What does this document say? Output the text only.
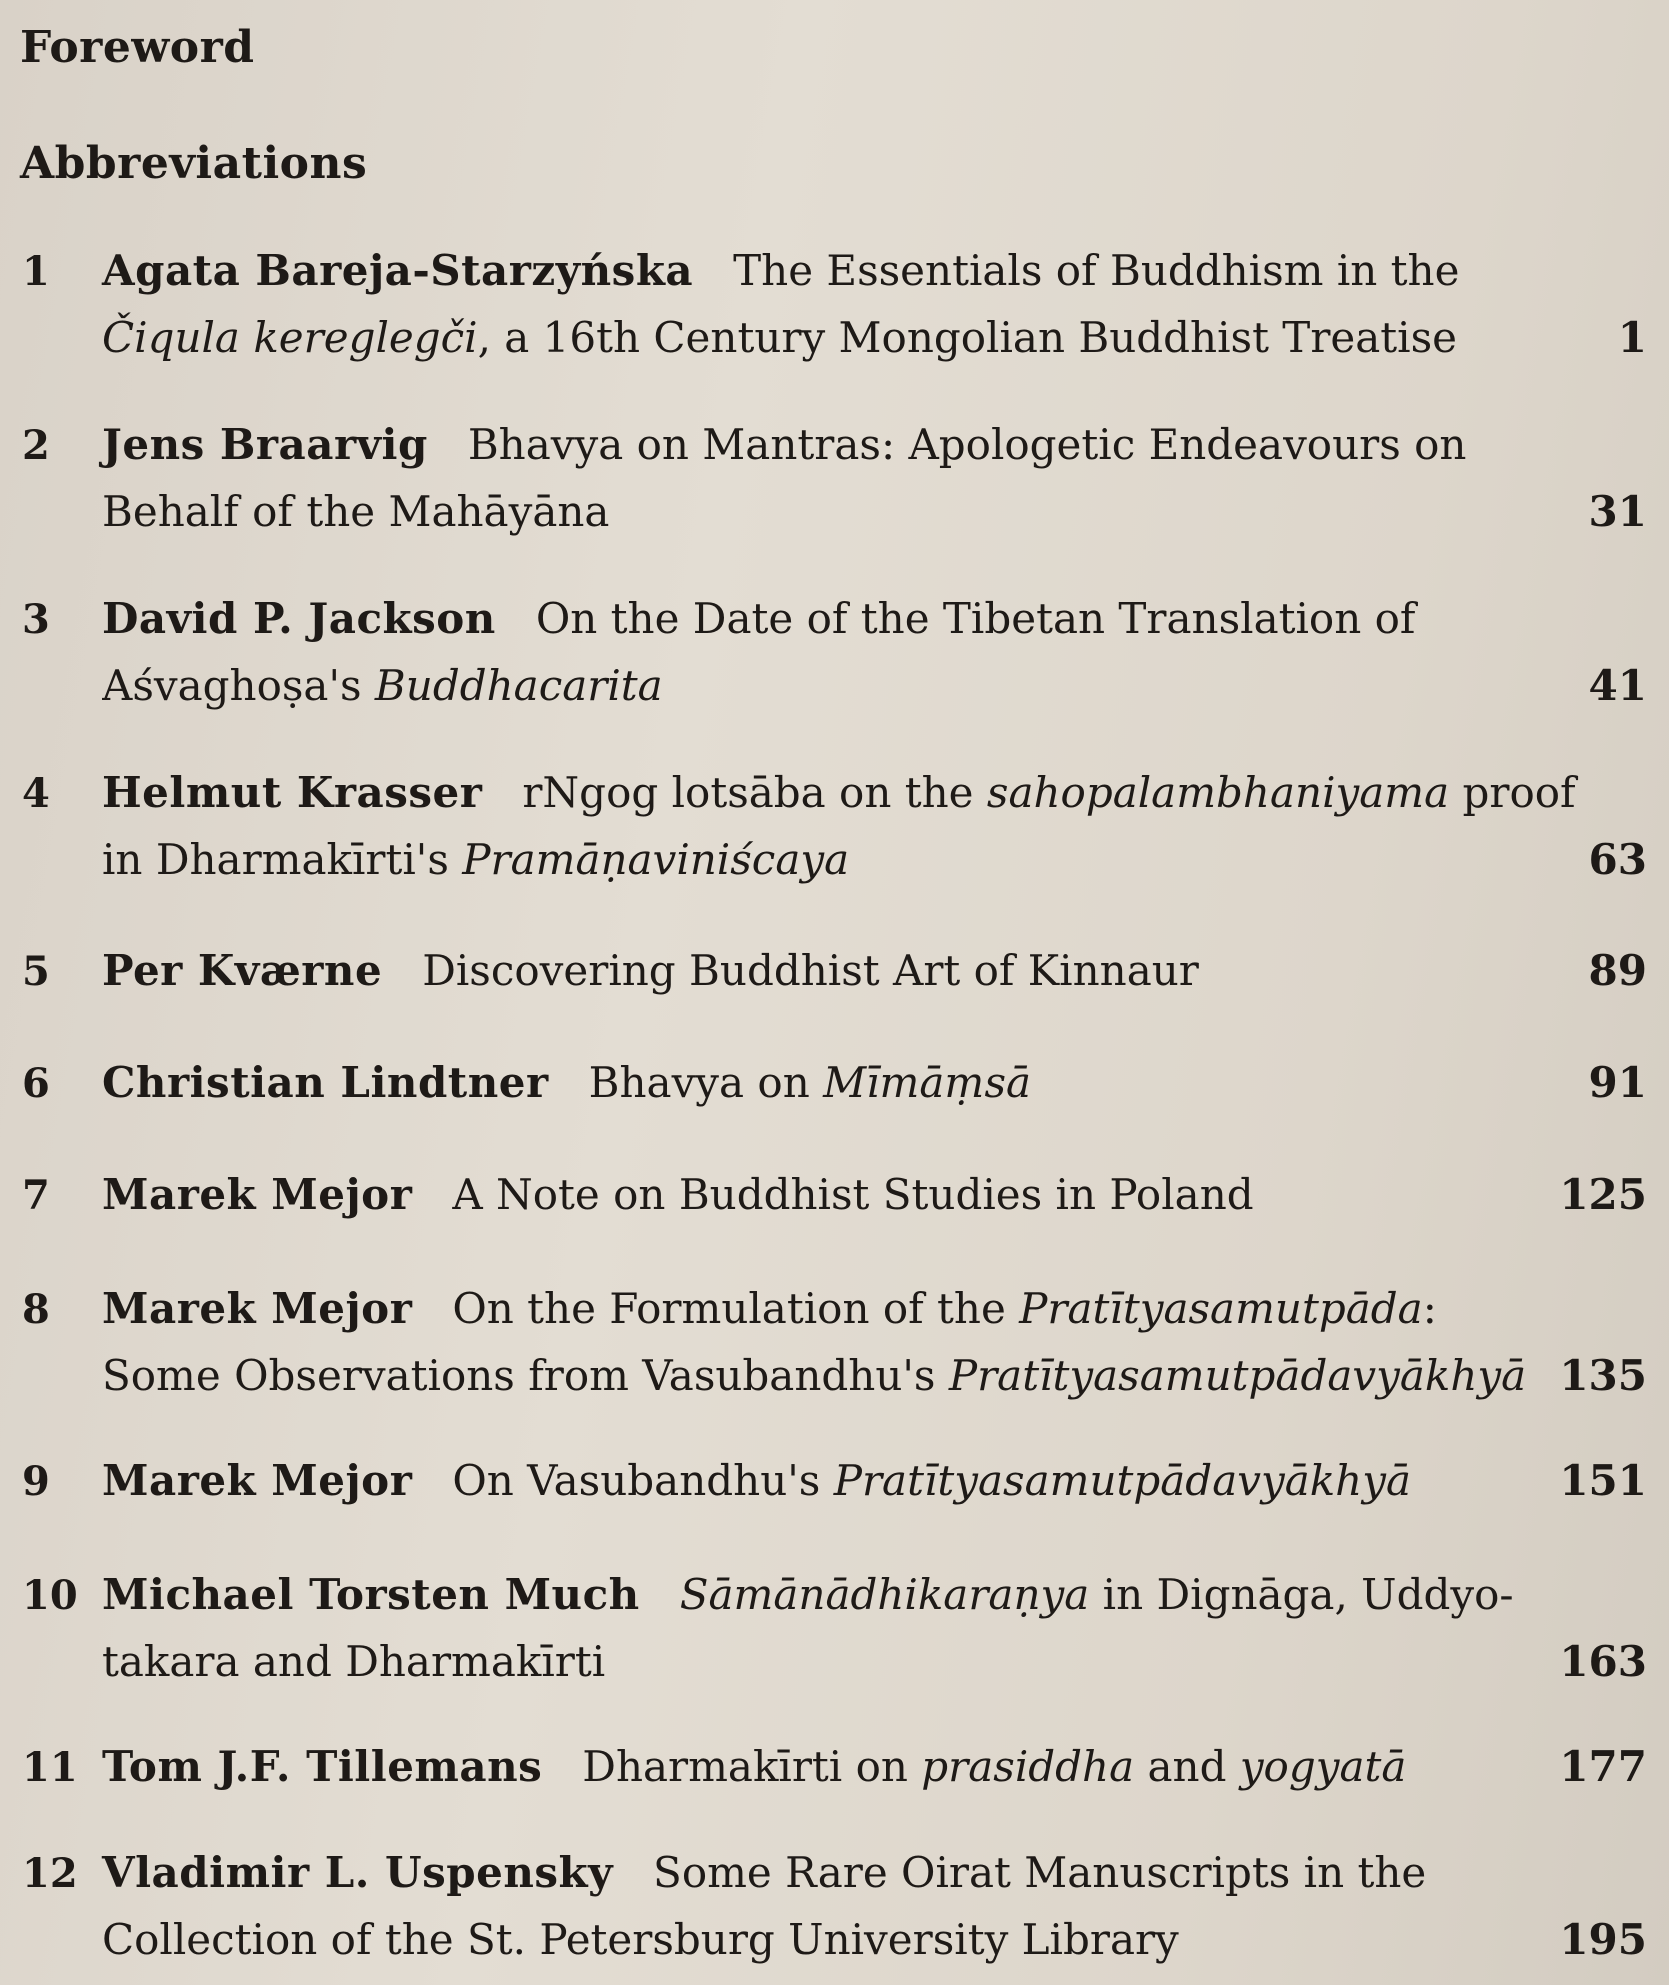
Foreword
Abbreviations
1	Agata Bareja-Starzyńska The Essentials of Buddhism in the
Čiqula kereglegči, a 16th Century Mongolian Buddhist Treatise	1
2	Jens Braarvig Bhavya on Mantras: Apologetic Endeavours on
Behalf of the Mahāyāna	31
3	David P. Jackson On the Date of the Tibetan Translation of
Aśvaghoṣa's Buddhacarita	41
4	Helmut Krasser rNgog lotsāba on the sahopalambhaniyama proof
in Dharmakīrti's Pramāṇaviniścaya	63
5	Per Kværne Discovering Buddhist Art of Kinnaur	89
6	Christian Lindtner Bhavya on Mīmāṃsā	91
7	Marek Mejor A Note on Buddhist Studies in Poland	125
8	Marek Mejor On the Formulation of the Pratītyasamutpāda:
Some Observations from Vasubandhu's Pratītyasamutpādavyākhyā 135
9	Marek Mejor On Vasubandhu's Pratītyasamutpādavyākhyā	151
10 Michael Torsten Much Sāmānādhikaraṇya in Dignāga, Uddyo-
takara and Dharmakīrti	163
11 Tom J.F. Tillemans Dharmakīrti on prasiddha and yogyatā	177
12 Vladimir L. Uspensky Some Rare Oirat Manuscripts in the
Collection of the St. Petersburg University Library	195
